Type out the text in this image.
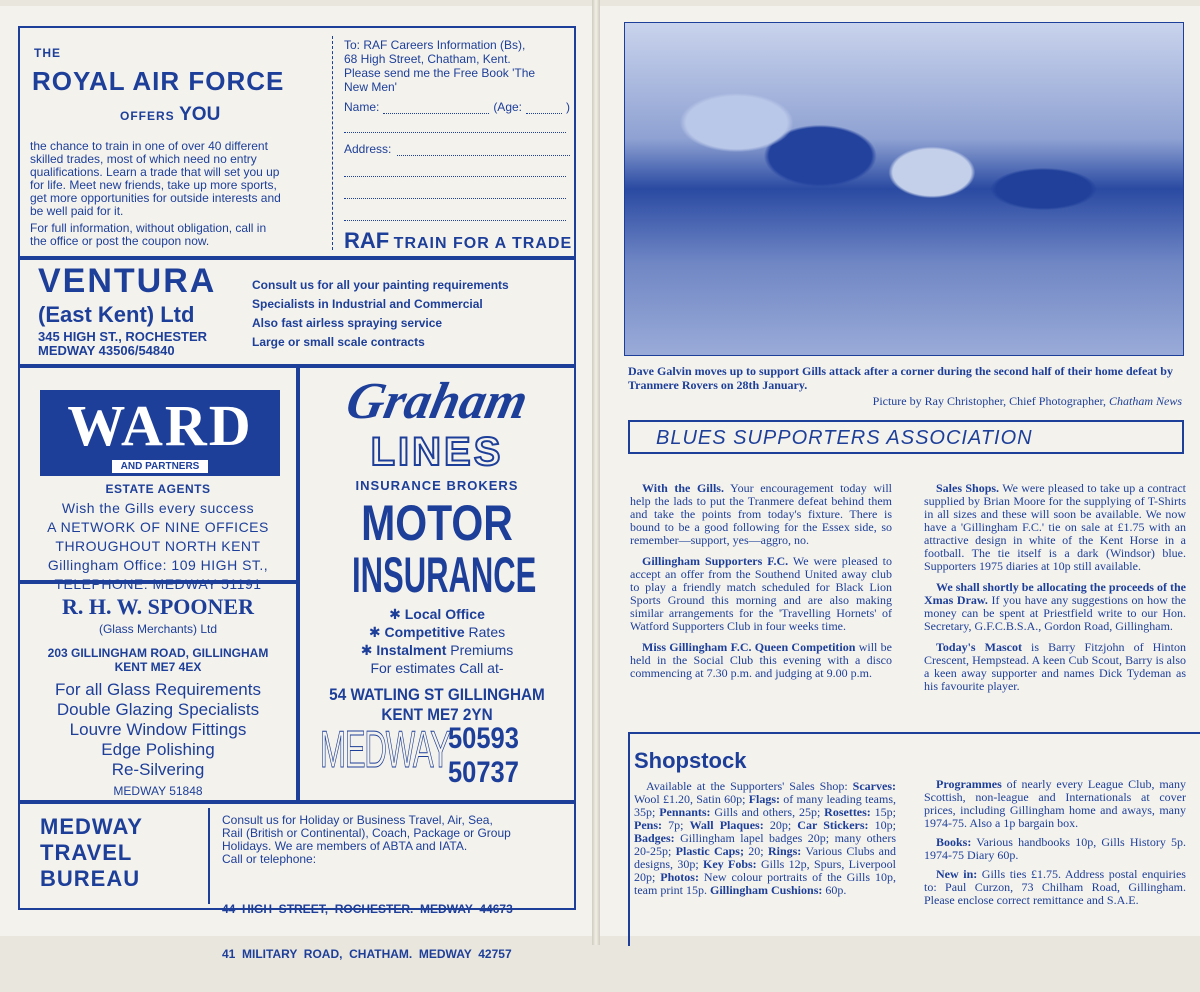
THE
ROYAL AIR FORCE
OFFERS YOU
the chance to train in one of over 40 different
skilled trades, most of which need no entry
qualifications. Learn a trade that will set you up
for life. Meet new friends, take up more sports,
get more opportunities for outside interests and
be well paid for it.
For full information, without obligation, call in
the office or post the coupon now.
To: RAF Careers Information (Bs),
68 High Street, Chatham, Kent.
Please send me the Free Book 'The
New Men'
Name:	(Age:	)
Address:
RAF TRAIN FOR A TRADE
VENTURA
(East Kent) Ltd
345 HIGH ST., ROCHESTER
MEDWAY 43506/54840
Consult us for all your painting requirements
Specialists in Industrial and Commercial
Also fast airless spraying service
Large or small scale contracts
WARD
AND PARTNERS
ESTATE AGENTS
Wish the Gills every success
A NETWORK OF NINE OFFICES
THROUGHOUT NORTH KENT
Gillingham Office: 109 HIGH ST.,
TELEPHONE: MEDWAY 51191
R. H. W. SPOONER
(Glass Merchants) Ltd
203 GILLINGHAM ROAD, GILLINGHAM
KENT ME7 4EX
For all Glass Requirements
Double Glazing Specialists
Louvre Window Fittings
Edge Polishing
Re-Silvering
MEDWAY 51848
Graham
LINES
INSURANCE BROKERS
MOTOR
INSURANCE
✱ Local Office
✱ Competitive Rates
✱ Instalment Premiums
For estimates Call at-
54 WATLING ST GILLINGHAM
KENT ME7 2YN
MEDWAY
50593
50737
MEDWAY
TRAVEL
BUREAU
Consult us for Holiday or Business Travel, Air, Sea,
Rail (British or Continental), Coach, Package or Group
Holidays. We are members of ABTA and IATA.
Call or telephone:

44  HIGH  STREET,  ROCHESTER.  MEDWAY  44673

41  MILITARY  ROAD,  CHATHAM.  MEDWAY  42757

Dave Galvin moves up to support Gills attack after a corner during the second half of their home defeat by Tranmere Rovers on 28th January.
Picture by Ray Christopher, Chief Photographer, Chatham News
BLUES SUPPORTERS ASSOCIATION

With the Gills. Your encouragement today will help the lads to put the Tranmere defeat behind them and take the points from today's fixture. There is bound to be a good following for the Essex side, so remember—support, yes—aggro, no.

Gillingham Supporters F.C. We were pleased to accept an offer from the Southend United away club to play a friendly match scheduled for Black Lion Sports Ground this morning and are also making similar arrangements for the 'Travelling Hornets' of Watford Supporters Club in four weeks time.

Miss Gillingham F.C. Queen Competition will be held in the Social Club this evening with a disco commencing at 7.30 p.m. and judging at 9.00 p.m.

Sales Shops. We were pleased to take up a contract supplied by Brian Moore for the supplying of T-Shirts in all sizes and these will soon be available. We now have a 'Gillingham F.C.' tie on sale at £1.75 with an attractive design in white of the Kent Horse in a football. The tie itself is a dark (Windsor) blue. Supporters 1975 diaries at 10p still available.

We shall shortly be allocating the proceeds of the Xmas Draw. If you have any suggestions on how the money can be spent at Priestfield write to our Hon. Secretary, G.F.C.B.S.A., Gordon Road, Gillingham.

Today's Mascot is Barry Fitzjohn of Hinton Crescent, Hempstead. A keen Cub Scout, Barry is also a keen away supporter and names Dick Tydeman as his favourite player.

Shopstock
Available at the Supporters' Sales Shop: Scarves: Wool £1.20, Satin 60p; Flags: of many leading teams, 35p; Pennants: Gills and others, 25p; Rosettes: 15p; Pens: 7p; Wall Plaques: 20p; Car Stickers: 10p; Badges: Gillingham lapel badges 20p; many others 20-25p; Plastic Caps; 20; Rings: Various Clubs and designs, 30p; Key Fobs: Gills 12p, Spurs, Liverpool 20p; Photos: New colour portraits of the Gills 10p, team print 15p. Gillingham Cushions: 60p.

Programmes of nearly every League Club, many Scottish, non-league and Internationals at cover prices, including Gillingham home and aways, many 1974-75. Also a 1p bargain box.

Books: Various handbooks 10p, Gills History 5p. 1974-75 Diary 60p.

New in: Gills ties £1.75. Address postal enquiries to: Paul Curzon, 73 Chilham Road, Gillingham. Please enclose correct remittance and S.A.E.
